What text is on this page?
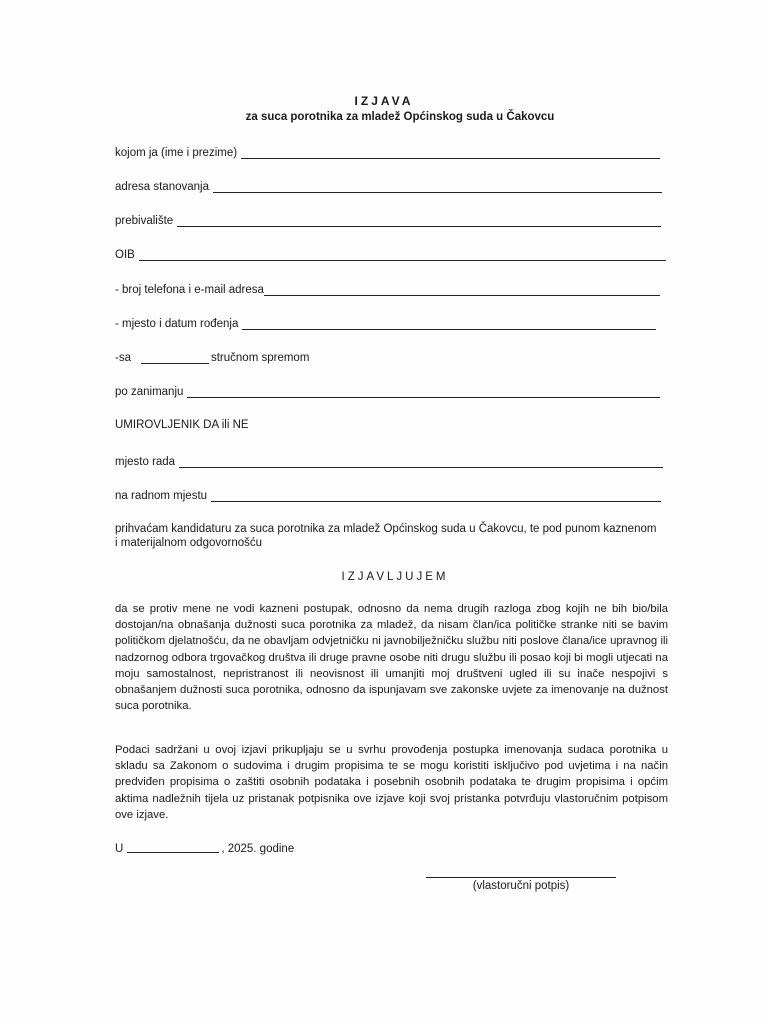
IZJAVA
za suca porotnika za mladež Općinskog suda u Čakovcu
kojom ja (ime i prezime)
adresa stanovanja
prebivalište
OIB
- broj telefona i e-mail adresa
- mjesto i datum rođenja
-sa	stručnom spremom
po zanimanju
UMIROVLJENIK DA ili NE
mjesto rada
na radnom mjestu
prihvaćam kandidaturu za suca porotnika za mladež Općinskog suda u Čakovcu, te pod punom kaznenom
i materijalnom odgovornošću
IZJAVLJUJEM
da se protiv mene ne vodi kazneni postupak, odnosno da nema drugih razloga zbog kojih ne bih bio/bila dostojan/na obnašanja dužnosti suca porotnika za mladež, da nisam član/ica političke stranke niti se bavim političkom djelatnošću, da ne obavljam odvjetničku ni javnobilježničku službu niti poslove člana/ice upravnog ili nadzornog odbora trgovačkog društva ili druge pravne osobe niti drugu službu ili posao koji bi mogli utjecati na moju samostalnost, nepristranost ili neovisnost ili umanjiti moj društveni ugled ili su inače nespojivi s obnašanjem dužnosti suca porotnika, odnosno da ispunjavam sve zakonske uvjete za imenovanje na dužnost suca porotnika.
Podaci sadržani u ovoj izjavi prikupljaju se u svrhu provođenja postupka imenovanja sudaca porotnika u skladu sa Zakonom o sudovima i drugim propisima te se mogu koristiti isključivo pod uvjetima i na način predviđen propisima o zaštiti osobnih podataka i posebnih osobnih podataka te drugim propisima i općim aktima nadležnih tijela uz pristanak potpisnika ove izjave koji svoj pristanka potvrđuju vlastoručnim potpisom ove izjave.
U	, 2025. godine
(vlastoručni potpis)
